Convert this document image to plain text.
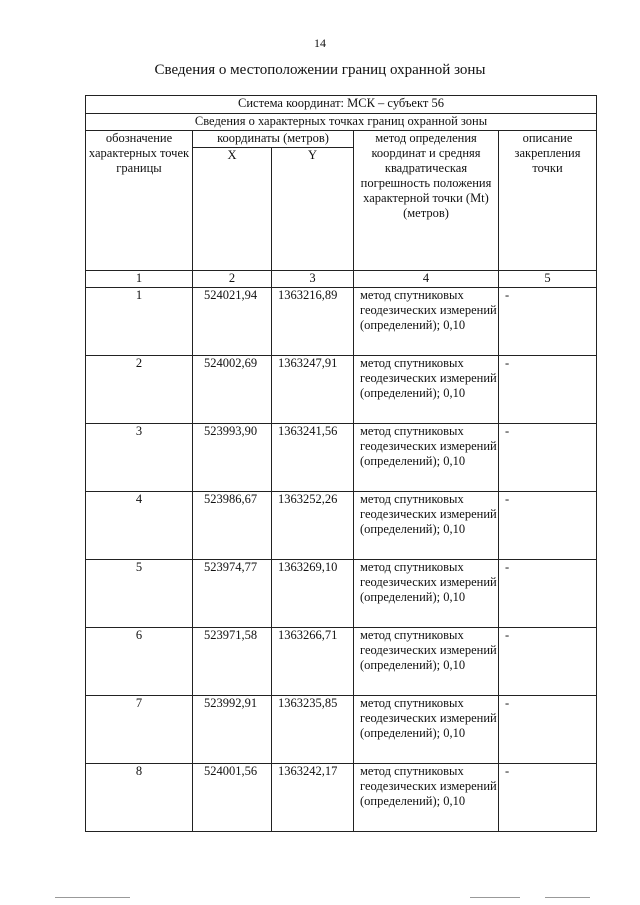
14
Сведения о местоположении границ охранной зоны
Система координат: МСК – субъект 56				
Сведения о характерных точках границ охранной зоны				
обозначение характерных точек границы	координаты (метров)		метод определения координат и средняя квадратическая погрешность положения характерной точки (Mt) (метров)	описание закрепления точки
	X	Y		
1	2	3	4	5
1	524021,94	1363216,89	метод спутниковых геодезических измерений (определений); 0,10	-
2	524002,69	1363247,91	метод спутниковых геодезических измерений (определений); 0,10	-
3	523993,90	1363241,56	метод спутниковых геодезических измерений (определений); 0,10	-
4	523986,67	1363252,26	метод спутниковых геодезических измерений (определений); 0,10	-
5	523974,77	1363269,10	метод спутниковых геодезических измерений (определений); 0,10	-
6	523971,58	1363266,71	метод спутниковых геодезических измерений (определений); 0,10	-
7	523992,91	1363235,85	метод спутниковых геодезических измерений (определений); 0,10	-
8	524001,56	1363242,17	метод спутниковых геодезических измерений (определений); 0,10	-
